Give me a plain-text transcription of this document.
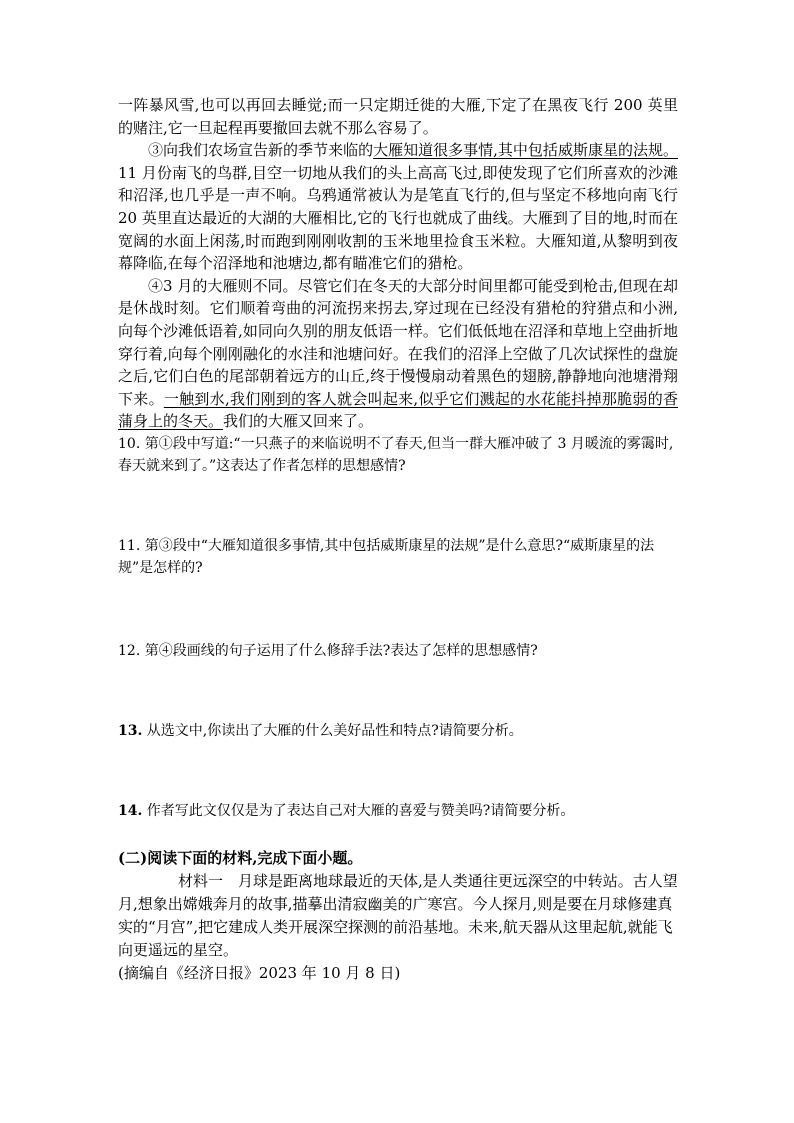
一阵暴风雪,也可以再回去睡觉;而一只定期迁徙的大雁,下定了在黑夜飞行 200 英里的赌注,它一旦起程再要撤回去就不那么容易了。

③向我们农场宣告新的季节来临的大雁知道很多事情,其中包括威斯康星的法规。11 月份南飞的鸟群,目空一切地从我们的头上高高飞过,即使发现了它们所喜欢的沙滩和沼泽,也几乎是一声不响。乌鸦通常被认为是笔直飞行的,但与坚定不移地向南飞行 20 英里直达最近的大湖的大雁相比,它的飞行也就成了曲线。大雁到了目的地,时而在宽阔的水面上闲荡,时而跑到刚刚收割的玉米地里捡食玉米粒。大雁知道,从黎明到夜幕降临,在每个沼泽地和池塘边,都有瞄准它们的猎枪。

④3 月的大雁则不同。尽管它们在冬天的大部分时间里都可能受到枪击,但现在却是休战时刻。它们顺着弯曲的河流拐来拐去,穿过现在已经没有猎枪的狩猎点和小洲,向每个沙滩低语着,如同向久别的朋友低语一样。它们低低地在沼泽和草地上空曲折地穿行着,向每个刚刚融化的水洼和池塘问好。在我们的沼泽上空做了几次试探性的盘旋之后,它们白色的尾部朝着远方的山丘,终于慢慢扇动着黑色的翅膀,静静地向池塘滑翔下来。一触到水,我们刚到的客人就会叫起来,似乎它们溅起的水花能抖掉那脆弱的香蒲身上的冬天。我们的大雁又回来了。

10. 第①段中写道:“一只燕子的来临说明不了春天,但当一群大雁冲破了 3 月暖流的雾霭时,春天就来到了。”这表达了作者怎样的思想感情?

11. 第③段中“大雁知道很多事情,其中包括威斯康星的法规”是什么意思?“威斯康星的法规”是怎样的?

12. 第④段画线的句子运用了什么修辞手法?表达了怎样的思想感情?

13. 从选文中,你读出了大雁的什么美好品性和特点?请简要分析。

14. 作者写此文仅仅是为了表达自己对大雁的喜爱与赞美吗?请简要分析。

(二)阅读下面的材料,完成下面小题。

材料一 月球是距离地球最近的天体,是人类通往更远深空的中转站。古人望月,想象出嫦娥奔月的故事,描摹出清寂幽美的广寒宫。今人探月,则是要在月球修建真实的“月宫”,把它建成人类开展深空探测的前沿基地。未来,航天器从这里起航,就能飞向更遥远的星空。

(摘编自《经济日报》2023 年 10 月 8 日)
